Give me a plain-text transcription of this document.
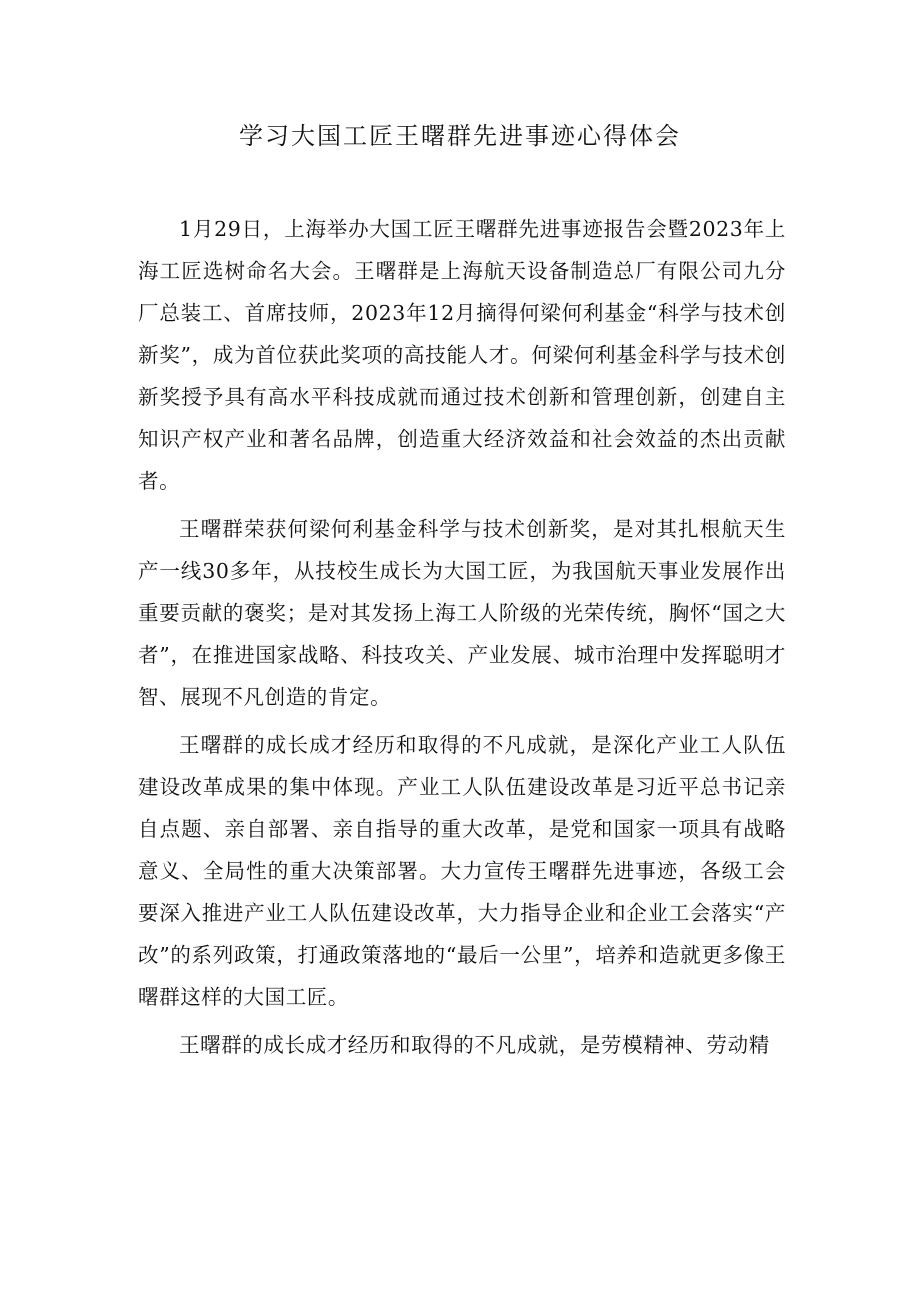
学习大国工匠王曙群先进事迹心得体会

1月29日，上海举办大国工匠王曙群先进事迹报告会暨2023年上海工匠选树命名大会。王曙群是上海航天设备制造总厂有限公司九分厂总装工、首席技师，2023年12月摘得何梁何利基金“科学与技术创新奖”，成为首位获此奖项的高技能人才。何梁何利基金科学与技术创新奖授予具有高水平科技成就而通过技术创新和管理创新，创建自主知识产权产业和著名品牌，创造重大经济效益和社会效益的杰出贡献者。

王曙群荣获何梁何利基金科学与技术创新奖，是对其扎根航天生产一线30多年，从技校生成长为大国工匠，为我国航天事业发展作出重要贡献的褒奖；是对其发扬上海工人阶级的光荣传统，胸怀“国之大者”，在推进国家战略、科技攻关、产业发展、城市治理中发挥聪明才智、展现不凡创造的肯定。

王曙群的成长成才经历和取得的不凡成就，是深化产业工人队伍建设改革成果的集中体现。产业工人队伍建设改革是习近平总书记亲自点题、亲自部署、亲自指导的重大改革，是党和国家一项具有战略意义、全局性的重大决策部署。大力宣传王曙群先进事迹，各级工会要深入推进产业工人队伍建设改革，大力指导企业和企业工会落实“产改”的系列政策，打通政策落地的“最后一公里”，培养和造就更多像王曙群这样的大国工匠。

王曙群的成长成才经历和取得的不凡成就，是劳模精神、劳动精
